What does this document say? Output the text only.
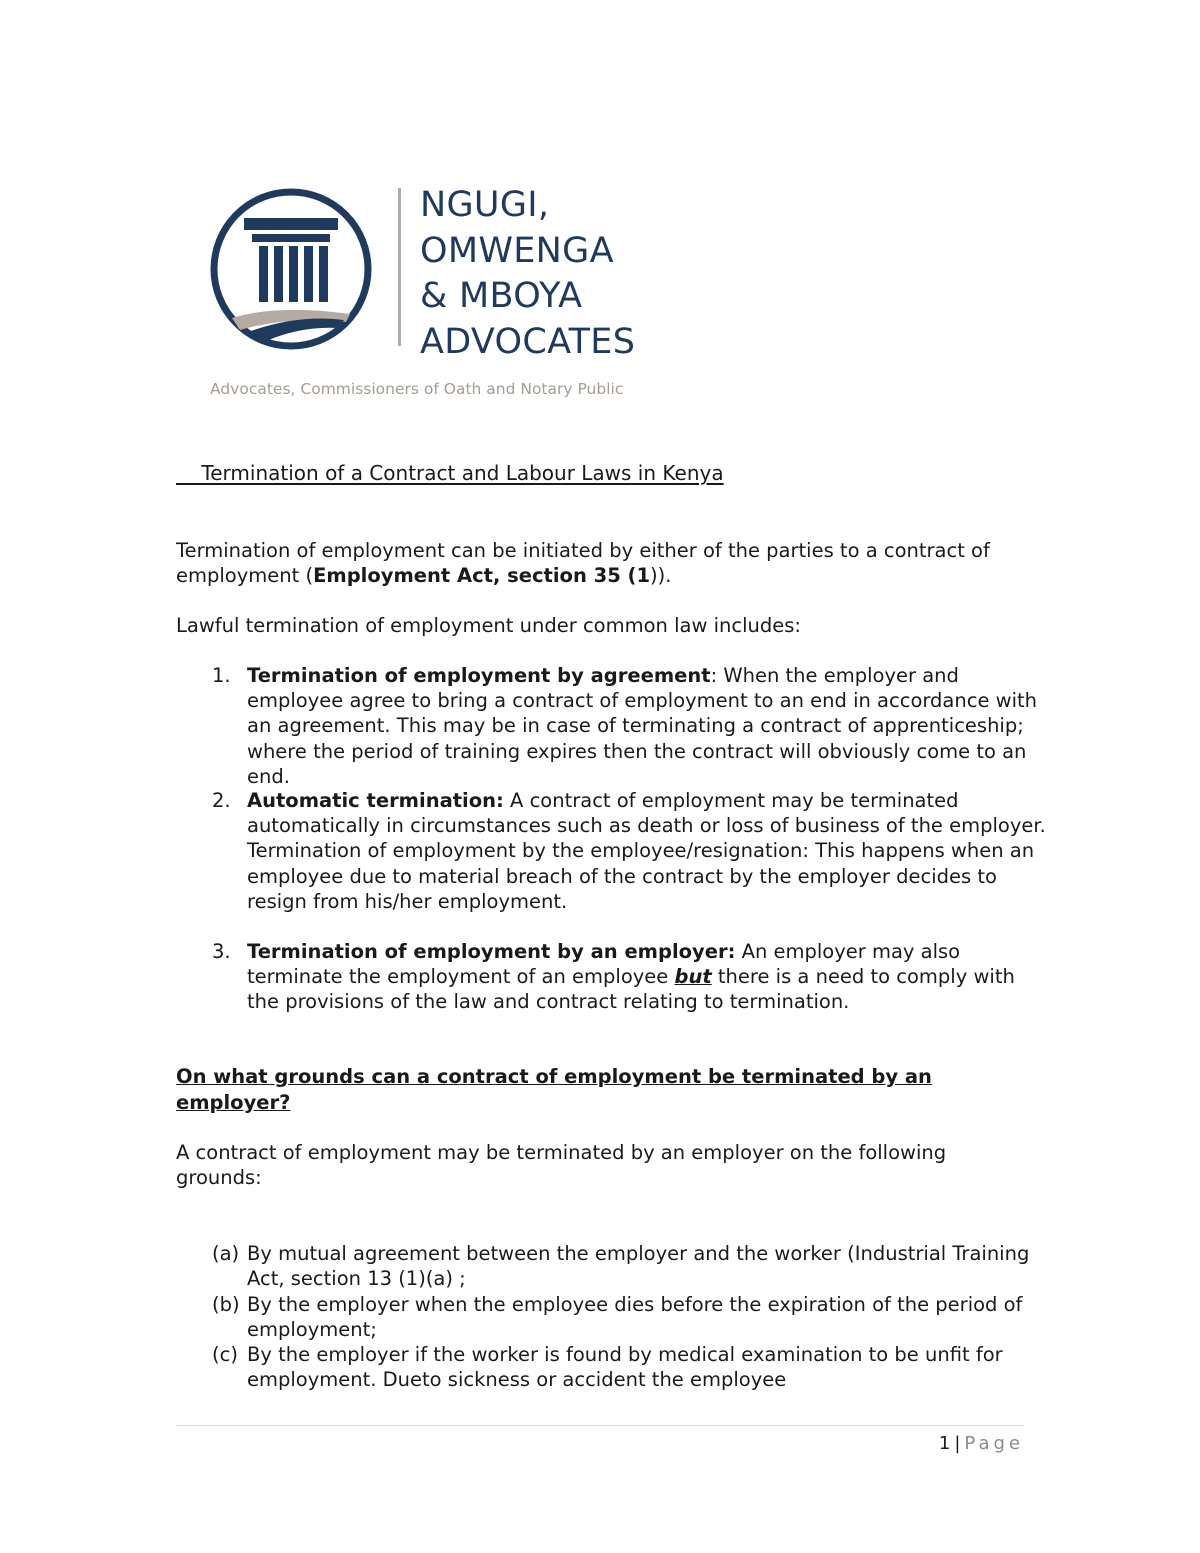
NGUGI,
OMWENGA
& MBOYA
ADVOCATES
Advocates, Commissioners of Oath and Notary Public
Termination of a Contract and Labour Laws in Kenya
Termination of employment can be initiated by either of the parties to a contract of employment (Employment Act, section 35 (1)).
Lawful termination of employment under common law includes:
1. Termination of employment by agreement: When the employer and employee agree to bring a contract of employment to an end in accordance with an agreement. This may be in case of terminating a contract of apprenticeship; where the period of training expires then the contract will obviously come to an end.
2. Automatic termination: A contract of employment may be terminated automatically in circumstances such as death or loss of business of the employer. Termination of employment by the employee/resignation: This happens when an employee due to material breach of the contract by the employer decides to resign from his/her employment.
3. Termination of employment by an employer: An employer may also terminate the employment of an employee but there is a need to comply with the provisions of the law and contract relating to termination.
On what grounds can a contract of employment be terminated by an employer?
A contract of employment may be terminated by an employer on the following grounds:
(a) By mutual agreement between the employer and the worker (Industrial Training Act, section 13 (1)(a) ;
(b) By the employer when the employee dies before the expiration of the period of employment;
(c) By the employer if the worker is found by medical examination to be unfit for employment. Dueto sickness or accident the employee
1 | Page
